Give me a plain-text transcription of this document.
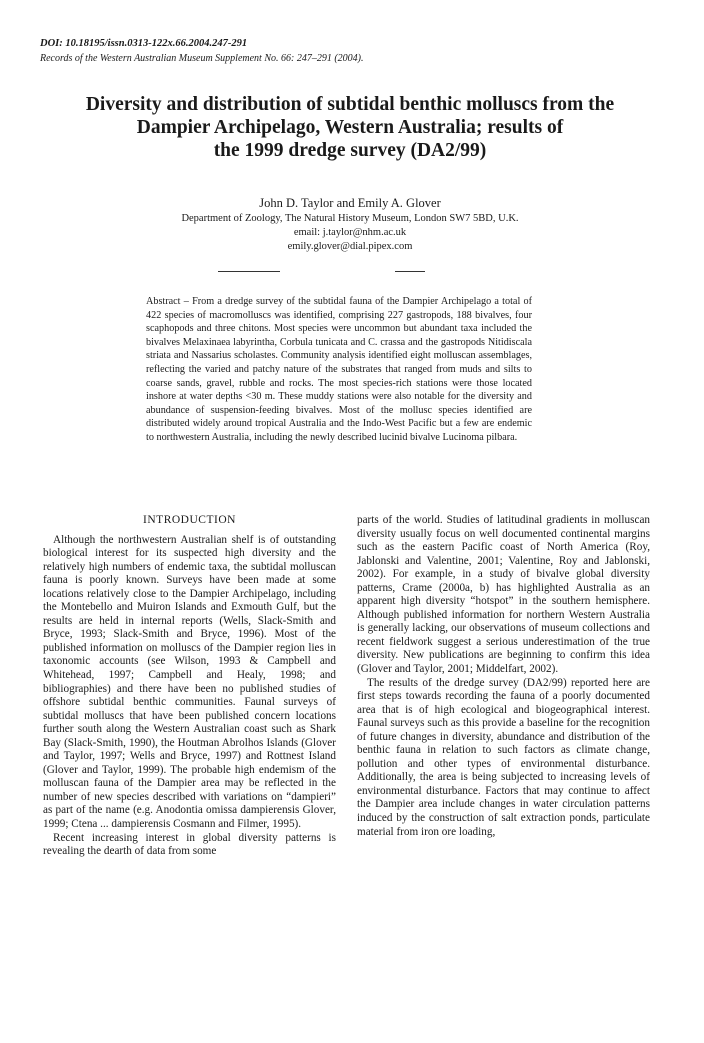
DOI: 10.18195/issn.0313-122x.66.2004.247-291
Records of the Western Australian Museum Supplement No. 66: 247–291 (2004).
Diversity and distribution of subtidal benthic molluscs from the
Dampier Archipelago, Western Australia; results of
the 1999 dredge survey (DA2/99)
John D. Taylor and Emily A. Glover
Department of Zoology, The Natural History Museum, London SW7 5BD, U.K.
email: j.taylor@nhm.ac.uk
emily.glover@dial.pipex.com

Abstract – From a dredge survey of the subtidal fauna of the Dampier Archipelago a total of 422 species of macromolluscs was identified, comprising 227 gastropods, 188 bivalves, four scaphopods and three chitons. Most species were uncommon but abundant taxa included the bivalves Melaxinaea labyrintha, Corbula tunicata and C. crassa and the gastropods Nitidiscala striata and Nassarius scholastes. Community analysis identified eight molluscan assemblages, reflecting the varied and patchy nature of the substrates that ranged from muds and silts to coarse sands, gravel, rubble and rocks. The most species-rich stations were those located inshore at water depths <30 m. These muddy stations were also notable for the diversity and abundance of suspension-feeding bivalves. Most of the mollusc species identified are distributed widely around tropical Australia and the Indo-West Pacific but a few are endemic to northwestern Australia, including the newly described lucinid bivalve Lucinoma pilbara.

INTRODUCTION

Although the northwestern Australian shelf is of outstanding biological interest for its suspected high diversity and the relatively high numbers of endemic taxa, the subtidal molluscan fauna is poorly known. Surveys have been made at some locations relatively close to the Dampier Archipelago, including the Montebello and Muiron Islands and Exmouth Gulf, but the results are held in internal reports (Wells, Slack-Smith and Bryce, 1993; Slack-Smith and Bryce, 1996). Most of the published information on molluscs of the Dampier region lies in taxonomic accounts (see Wilson, 1993 & Campbell and Whitehead, 1997; Campbell and Healy, 1998; and bibliographies) and there have been no published studies of offshore subtidal benthic communities. Faunal surveys of subtidal molluscs that have been published concern locations further south along the Western Australian coast such as Shark Bay (Slack-Smith, 1990), the Houtman Abrolhos Islands (Glover and Taylor, 1997; Wells and Bryce, 1997) and Rottnest Island (Glover and Taylor, 1999). The probable high endemism of the molluscan fauna of the Dampier area may be reflected in the number of new species described with variations on “dampieri” as part of the name (e.g. Anodontia omissa dampierensis Glover, 1999; Ctena ... dampierensis Cosmann and Filmer, 1995).

Recent increasing interest in global diversity patterns is revealing the dearth of data from some

parts of the world. Studies of latitudinal gradients in molluscan diversity usually focus on well documented continental margins such as the eastern Pacific coast of North America (Roy, Jablonski and Valentine, 2001; Valentine, Roy and Jablonski, 2002). For example, in a study of bivalve global diversity patterns, Crame (2000a, b) has highlighted Australia as an apparent high diversity “hotspot” in the southern hemisphere. Although published information for northern Western Australia is generally lacking, our observations of museum collections and recent fieldwork suggest a serious underestimation of the true diversity. New publications are beginning to confirm this idea (Glover and Taylor, 2001; Middelfart, 2002).

The results of the dredge survey (DA2/99) reported here are first steps towards recording the fauna of a poorly documented area that is of high ecological and biogeographical interest. Faunal surveys such as this provide a baseline for the recognition of future changes in diversity, abundance and distribution of the benthic fauna in relation to such factors as climate change, pollution and other types of environmental disturbance. Additionally, the area is being subjected to increasing levels of environmental disturbance. Factors that may continue to affect the Dampier area include changes in water circulation patterns induced by the construction of salt extraction ponds, particulate material from iron ore loading,
